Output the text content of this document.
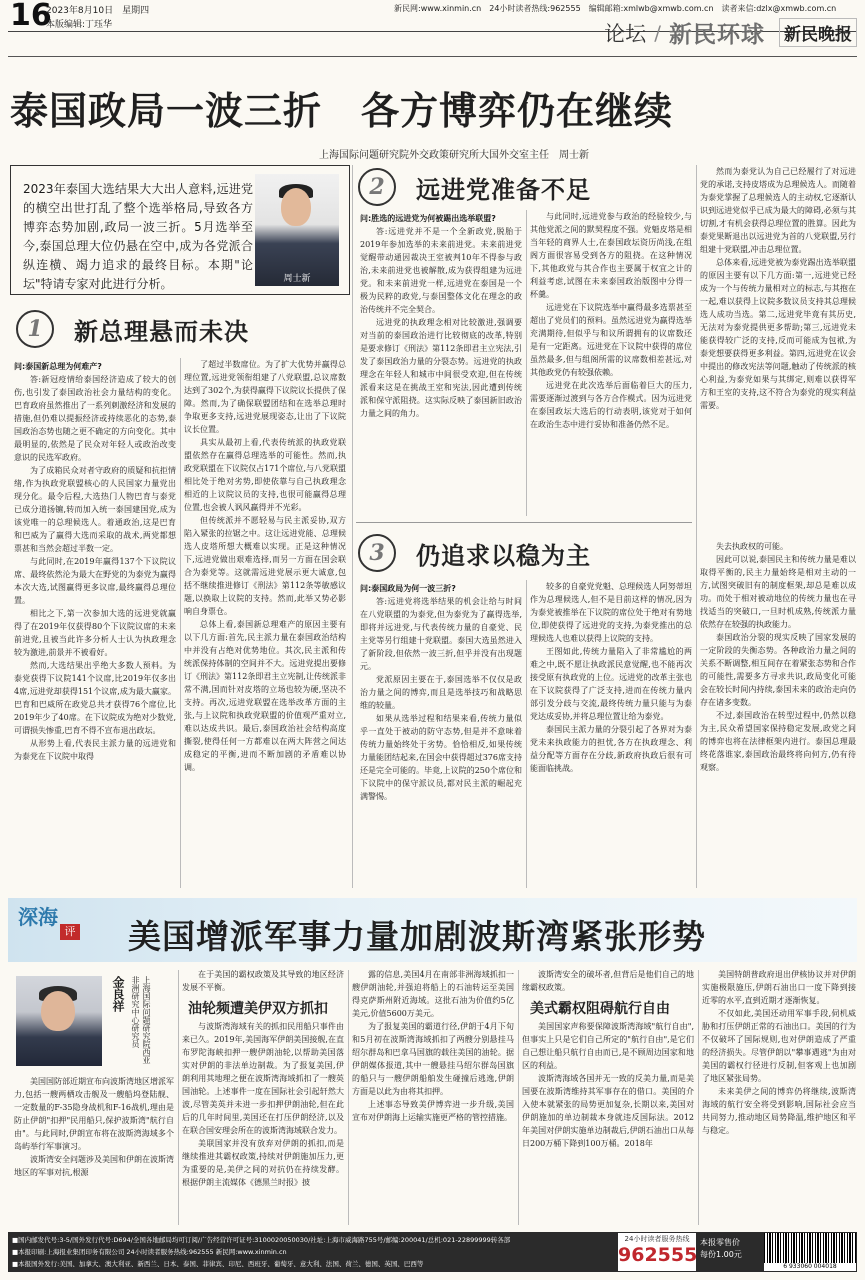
16
2023年8月10日　星期四
本版编辑:丁珏华
新民网:www.xinmin.cn　24小时读者热线:962555　编辑邮箱:xmlwb@xmwb.com.cn　读者来信:dzlx@xmwb.com.cn
论坛 / 新民环球 新民晚报
泰国政局一波三折　各方博弈仍在继续
上海国际问题研究院外交政策研究所大国外交室主任　周士新
2023年泰国大选结果大大出人意料,远进党的横空出世打乱了整个选举格局,导致各方博弈态势加剧,政局一波三折。5月选举至今,泰国总理大位仍悬在空中,成为各党派合纵连横、竭力追求的最终目标。本期"论坛"特请专家对此进行分析。	周士新
1	新总理悬而未决

问:泰国新总理为何难产?

答:新冠疫情给泰国经济造成了较大的创伤,也引发了泰国政治社会力量结构的变化。巴育政府虽然推出了一系列刺激经济和发展的措施,但仍难以提振经济或持续恶化的态势,泰国政治态势也随之更不确定的方向变化。其中最明显的,依然是了民众对年轻人或政治改变意识的民选军政府。

为了成箱民众对者守政府的质疑和抗拒情绪,作为执政党联盟核心的人民国家力量党出现分化。最令后程,大选热门人物巴育与泰党已成分道扬镳,转而加入统一泰国建国党,成为该党唯一的总理候选人。着通政治,这是巴育和巴威为了赢得大选而采取的战术,两党都想票甚和当然会超过半数一定。

与此同时,在2019年赢得137个下议院议席、最终依然沦为最大在野党的为泰党为赢得本次大选,试图赢得更多议席,最终赢得总理位置。

相比之下,第一次参加大选的远进党就赢得了在2019年仅获得80个下议院议席的未来前进党,且被当此许多分析人士认为执政理念较为激进,前景并不被看好。

然而,大选结果出乎绝大多数人预料。为泰党获得下议院141个议席,比2019年仅多出4席,远进党却获得151个议席,成为最大赢家。巴育和巴威所在政党总共才获得76个席位,比2019年少了40席。在下议院成为绝对少数党,可谓损失惨重,巴育不得不宣布退出政坛。

从形势上看,代表民主派力量的远进党和为泰党在下议院中取得

了超过半数席位。为了扩大优势并赢得总理位置,远进党领衔组建了八党联盟,总议席数达到了302个,为获得赢得下议院议长提供了保障。然而,为了确保联盟团结和在选举总理时争取更多支持,远进党展现姿态,让出了下议院议长位置。

具实从最初上看,代表传统派的执政党联盟依然存在赢得总理选举的可能性。然而,执政党联盟在下议院仅占171个席位,与八党联盟相比处于绝对劣势,即使依靠与自己执政理念相近的上议院议员的支持,也很可能赢得总理位置,也会被人讽风赢得并不光彩。

但传统派并不愿轻易与民主派妥协,双方陷入紧张的拉锯之中。这让远进党能、总理候选人皮塔所想大概难以实现。正是这种情况下,远进党做出艰难选择,而另一方面在国会联合为泰党等。这就需远进党展示更大诚意,包括不继续推进修订《刑法》第112条等敏感议题,以换取上议院的支持。然而,此举又势必影响自身票仓。

总体上看,泰国新总理难产的原因主要有以下几方面:首先,民主派力量在泰国政治结构中并没有占绝对优势地位。其次,民主派和传统派保持体制的空间并不大。远进党提出要修订《刑法》第112条即君主立宪制,让传统派非常不满,国而针对皮塔的立场也较为硬,坚决不支持。再次,远进党联盟在选举改革方面的主张,与上议院和执政党联盟的价值观严重对立,难以达成共识。最后,泰国政治社会结构高度撕裂,使得任何一方都难以在两大阵营之间达成稳定的平衡,进而不断加剧的矛盾难以协调。

2	远进党准备不足

问:胜选的远进党为何被踢出选举联盟?

答:远进党并不是一个全新政党,脱胎于2019年参加选举的未来前进党。未来前进党觉醒带动通因裁决王室被判10年不得参与政治,未来前进党也被解散,成为获得组建为远进党。和未来前进党一样,远进党在泰国是一个极为民粹的政党,与泰国整体文化在理念的政治传统并不完全契合。

远进党的执政理念相对比较激进,强调要对当前的泰国政治进行比较彻底的改革,特别是要求修订《刑法》第112条即君主立宪法,引发了泰国政治力量的分裂态势。远进党的执政理念在年轻人和城市中间很受欢迎,但在传统派看来这是在挑战王室和宪法,因此遭到传统派和保守派阻挠。这实际反映了泰国新旧政治力量之间的角力。

与此同时,远进党参与政治的经验较少,与其他党派之间的默契程度不强。党魁皮塔是相当年轻的商界人士,在泰国政坛资历尚浅,在组阁方面很容易受到各方的阻挠。在这种情况下,其他政党与其合作也主要属于权宜之计的利益考虑,试图在未来泰国政治版图中分得一杯羹。

远进党在下议院选举中赢得最多选票甚至超出了党员们的预料。虽然远进党为赢得选举充满期待,但似乎与和议所谓拥有的议席数还是有一定距离。远进党在下议院中获得的席位虽然最多,但与组阁所需的议席数相差甚远,对其他政党仍有较强依赖。

远进党在此次选举后面临着巨大的压力,需要逐渐过渡到与各方合作模式。因为远进党在泰国政坛大选后的行动表明,该党对于如何在政治生态中进行妥协和准备仍然不足。

然而为泰党认为自己已经履行了对远进党的承诺,支持皮塔成为总理候选人。而随着为泰党掌握了总理候选人的主动权,它逐渐认识到远进党似乎已成为最大的障碍,必须与其切割,才有机会获得总理位置的胜算。因此为泰党果断退出以远进党为首的八党联盟,另行组建十党联盟,冲击总理位置。

总体来看,远进党被为泰党踢出选举联盟的原因主要有以下几方面:第一,远进党已经成为一个与传统力量相对立的标志,与其抱在一起,难以获得上议院多数议员支持其总理候选人成功当选。第二,远进党毕竟有其历史,无法对为泰党提供更多帮助;第三,远进党未能获得较广泛的支持,反而可能成为包袱,为泰党想要获得更多利益。第四,远进党在议会中提出的修改宪法等问题,触动了传统派的核心利益,为泰党如果与其绑定,则难以获得军方和王室的支持,这不符合为泰党的现实利益需要。

3	仍追求以稳为主

问:泰国政局为何一波三折?

答:远进党将选举结果的机会让给与时间在八党联盟的为泰党,但为泰党为了赢得选举,即将并远进党,与代表传统力量的自豪党、民主党等另行组建十党联盟。泰国大选虽然进入了新阶段,但依然一波三折,但乎并没有出现题元。

党派原因主要在于,泰国选举不仅仅是政治力量之间的博弈,而且是选举技巧和战略思维的较量。

如果从选举过程和结果来看,传统力量似乎一直处于被动的防守态势,但是并不意味着传统力量始终处于劣势。恰恰相反,如果传统力量能团结起来,在国会中获得超过376席支持还是完全可能的。毕竟,上议院的250个席位和下议院中的保守派议员,都对民主派的崛起充满警惕。

较多的自豪党党魁、总理候选人阿努蒂坦作为总理候选人,但不是目前这样的情况,因为为泰党被推举在下议院的席位处于绝对有势地位,即使获得了远进党的支持,为泰党推出的总理候选人也难以获得上议院的支持。

王图如此,传统力量陷入了非常尴尬的两难之中,既不愿让执政派民意觉醒,也不能再次接受原有执政党的上位。远进党的改革主张也在下议院获得了广泛支持,进而在传统力量内部引发分歧与交流,最终传统力量只能与为泰党达成妥协,并将总理位置让给为泰党。

泰国民主派力量的分裂引起了各界对为泰党未来执政能力的担忧,各方在执政理念、利益分配等方面存在分歧,新政府执政后很有可能面临挑战。

失去执政权的可能。

因此可以说,泰国民主和传统力量是难以取得平衡的,民主力量始终是相对主动的一方,试图突破旧有的制度框架,却总是难以成功。而处于相对被动地位的传统力量也在寻找适当的突破口,一旦时机成熟,传统派力量依然存在较强的执政能力。

泰国政治分裂的现实反映了国家发展的一定阶段的失衡态势。各种政治力量之间的关系不断调整,相互间存在着紧张态势和合作的可能性,需要多方寻求共识,政局变化可能会在较长时间内持续,泰国未来的政治走向仍存在诸多变数。

不过,泰国政治在转型过程中,仍然以稳为主,民众希望国家保持稳定发展,政党之间的博弈也将在法律框架内进行。泰国总理最终花落谁家,泰国政治最终将向何方,仍有待观察。

深海
评 美国增派军事力量加剧波斯湾紧张形势
金良祥	上海国际问题研究院西亚非洲研究中心研究员

美国国防部近期宣布向波斯湾地区增派军力,包括一艘两栖攻击舰及一艘船坞登陆舰、一定数量的F-35隐身战机和F-16战机,理由是防止伊朗"扣押"民用船只,保护波斯湾"航行自由"。与此同时,伊朗宣布将在波斯湾海域多个岛屿举行军事演习。

波斯湾安全问题涉及美国和伊朗在波斯湾地区的军事对抗,根源

在于美国的霸权政策及其导致的地区经济发展不平衡。

油轮频遭美伊双方抓扣

与波斯湾海域有关的抓扣民用船只事件由来已久。2019年,美国海军伊朗美国接舰,在直布罗陀海峡扣押一艘伊朗油轮,以帮助美国落实对伊朗的非法单边制裁。为了报复美国,伊朗利用其地理之便在波斯湾海域抓扣了一艘英国油轮。上述事件一度在国际社会引起轩然大波,尽管美英并未进一步扣押伊朗油轮,但在此后的几年时间里,美国还在打压伊朗经济,以及在联合国安理会所在的波斯湾海域联合发力。

美联国家并没有放弃对伊朗的抓扣,而是继续推进其霸权政策,持续对伊朗施加压力,更为重要的是,美伊之间的对抗仍在持续发酵。根据伊朗主流媒体《德黑兰时报》披

露的信息,美国4月在南部非洲海域抓扣一艘伊朗油轮,并强迫将船上的石油转运至美国得克萨斯州附近海域。这批石油为价值约5亿美元,价值5600万美元。

为了报复美国的霸道行径,伊朗于4月下旬和5月初在波斯湾海域抓扣了两艘分别悬挂马绍尔群岛和巴拿马国旗的载往美国的油轮。据伊朗媒体报道,其中一艘悬挂马绍尔群岛国旗的船只与一艘伊朗船舶发生碰撞后逃逸,伊朗方面是以此为由将其扣押。

上述事态导致美伊博弈进一步升级,美国宣布对伊朗海上运输实施更严格的管控措施。

波斯湾安全的破坏者,但背后是他们自己的地缘霸权政策。

美式霸权阻碍航行自由

美国国家声称要保障波斯湾海域"航行自由",但事实上只是它们自己所定的"航行自由",是它们自己想让船只航行自由而已,是不顾周边国家和地区的利益。

波斯湾海域各国并无一致的反美力量,而是美国要在波斯湾维持其军事存在的借口。美国的介入使本就紧张的局势更加复杂,长期以来,美国对伊朗施加的单边制裁本身就违反国际法。2012年美国对伊朗实施单边制裁后,伊朗石油出口从每日200万桶下降到100万桶。2018年

美国特朗普政府退出伊核协议并对伊朗实施极限施压,伊朗石油出口一度下降到接近零的水平,直到近期才逐渐恢复。

不仅如此,美国还动用军事手段,伺机威胁和打压伊朗正常的石油出口。美国的行为不仅破坏了国际规则,也对伊朗造成了严重的经济损失。尽管伊朗以"攀事遇逃"为由对美国的霸权行径进行反制,但客观上也加剧了地区紧张局势。

未来美伊之间的博弈仍将继续,波斯湾海域的航行安全将受到影响,国际社会应当共同努力,推动地区局势降温,维护地区和平与稳定。

■国内邮发代号:3-5/国外发行代号:D694/全国各地邮局均可订阅/广告经营许可证号:3100020050030/社址:上海市威海路755号/邮编:200041/总机:021-22899999转各部
■本报印刷:上海报业集团印务有限公司 24小时读者服务热线:962555 新民网:www.xinmin.cn
■本报国外发行:美国、加拿大、澳大利亚、新西兰、日本、泰国、菲律宾、印尼、西班牙、葡萄牙、意大利、法国、荷兰、德国、英国、巴西等
24小时读者服务热线
962555
本报零售价
每份1.00元
6 933060 004018
